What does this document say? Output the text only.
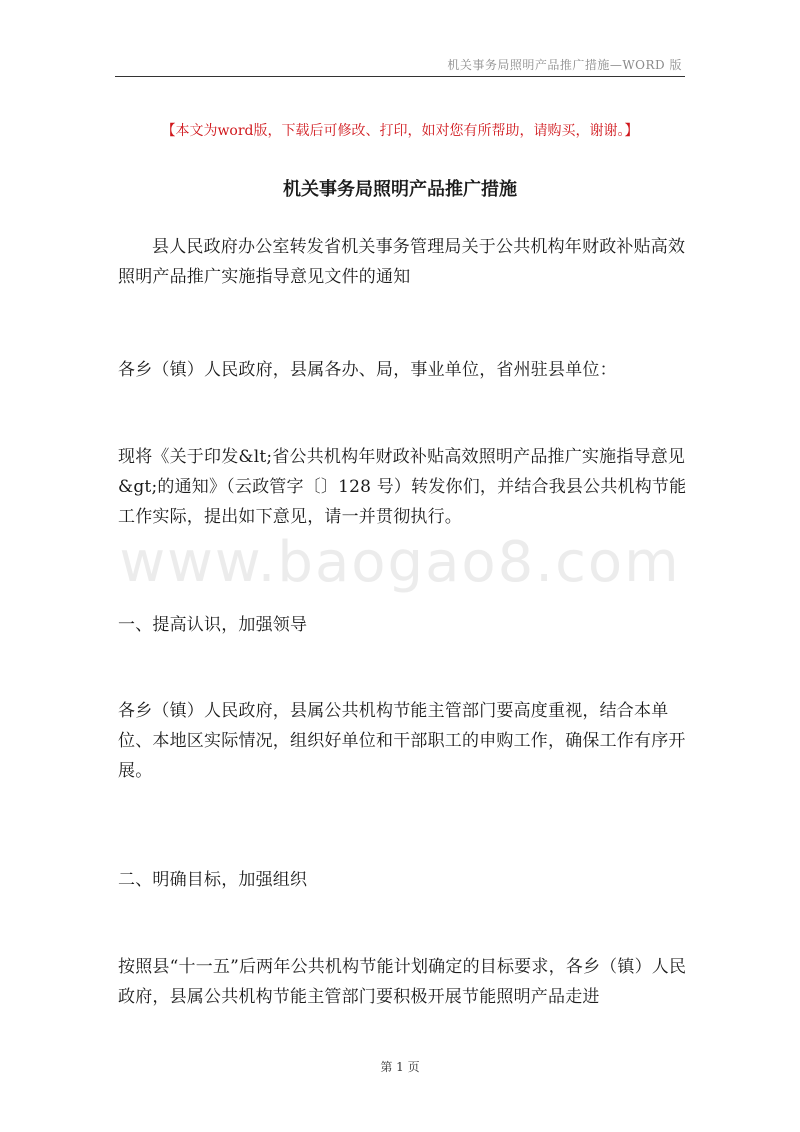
机关事务局照明产品推广措施—WORD 版
【本文为word版，下载后可修改、打印，如对您有所帮助，请购买，谢谢。】
机关事务局照明产品推广措施
www.baogao8.com

县人民政府办公室转发省机关事务管理局关于公共机构年财政补贴高效照明产品推广实施指导意见文件的通知

各乡（镇）人民政府，县属各办、局，事业单位，省州驻县单位：

现将《关于印发&lt;省公共机构年财政补贴高效照明产品推广实施指导意见&gt;的通知》（云政管字〔〕128 号）转发你们，并结合我县公共机构节能工作实际，提出如下意见，请一并贯彻执行。

一、提高认识，加强领导

各乡（镇）人民政府，县属公共机构节能主管部门要高度重视，结合本单位、本地区实际情况，组织好单位和干部职工的申购工作，确保工作有序开展。

二、明确目标，加强组织

按照县“十一五”后两年公共机构节能计划确定的目标要求，各乡（镇）人民政府，县属公共机构节能主管部门要积极开展节能照明产品走进

第 1 页
